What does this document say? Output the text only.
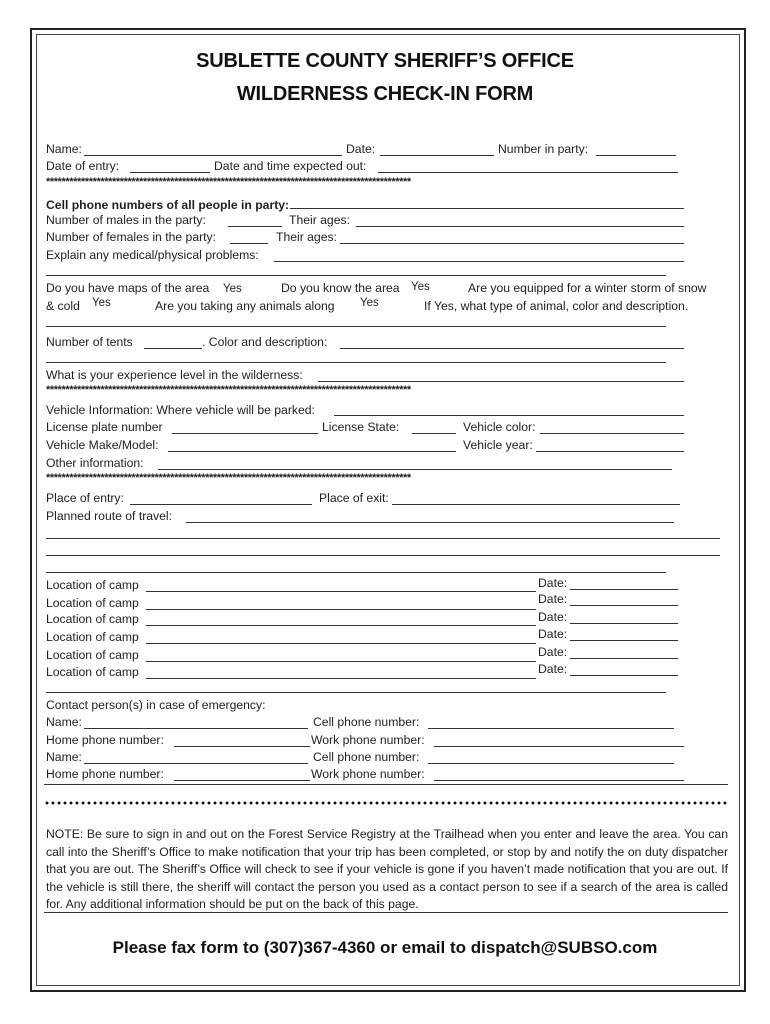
SUBLETTE COUNTY SHERIFF’S OFFICE
WILDERNESS CHECK-IN FORM
Name:	Date:	Number in party:
Date of entry:	Date and time expected out:
**********************************************************************************************
Cell phone numbers of all people in party:
Number of males in the party:	Their ages:
Number of females in the party:	Their ages:
Explain any medical/physical problems:
Do you have maps of the area Yes	Do you know the area Yes	Are you equipped for a winter storm of snow
& cold Yes	Are you taking any animals along Yes	If Yes, what type of animal, color and description.
Number of tents	. Color and description:
What is your experience level in the wilderness:
**********************************************************************************************
Vehicle Information: Where vehicle will be parked:
License plate number	License State:	Vehicle color:
Vehicle Make/Model:	Vehicle year:
Other information:
**********************************************************************************************
Place of entry:	Place of exit:
Planned route of travel:
Location of camp	Date:
Location of camp	Date:
Location of camp	Date:
Location of camp	Date:
Location of camp	Date:
Location of camp	Date:
Contact person(s) in case of emergency:
Name:	Cell phone number:
Home phone number:	Work phone number:
Name:	Cell phone number:
Home phone number:	Work phone number:
NOTE: Be sure to sign in and out on the Forest Service Registry at the Trailhead when you enter and leave the area. You can call into the Sheriff’s Office to make notification that your trip has been completed, or stop by and notify the on duty dispatcher that you are out. The Sheriff’s Office will check to see if your vehicle is gone if you haven’t made notification that you are out. If the vehicle is still there, the sheriff will contact the person you used as a contact person to see if a search of the area is called for. Any additional information should be put on the back of this page.
Please fax form to (307)367-4360 or email to dispatch@SUBSO.com
